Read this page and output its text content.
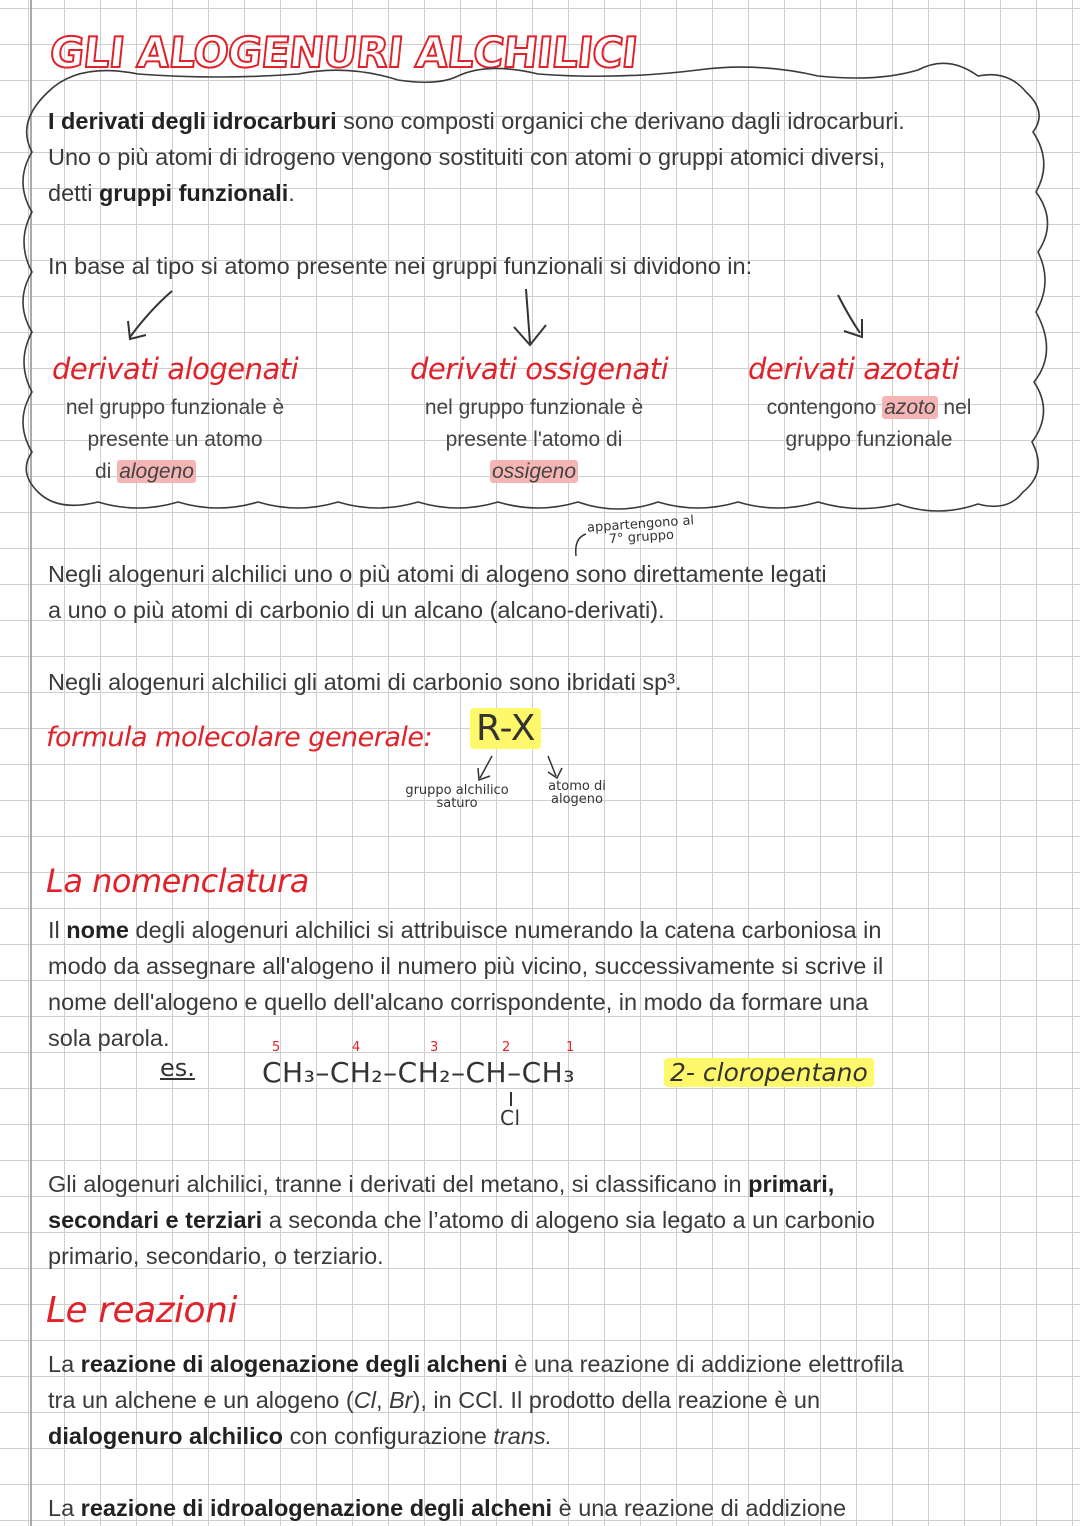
GLI ALOGENURI ALCHILICI
I derivati degli idrocarburi sono composti organici che derivano dagli idrocarburi.
Uno o più atomi di idrogeno vengono sostituiti con atomi o gruppi atomici diversi,
detti gruppi funzionali.
In base al tipo si atomo presente nei gruppi funzionali si dividono in:
derivati alogenati	derivati ossigenati	derivati azotati
nel gruppo funzionale è
presente un atomo
di alogeno
nel gruppo funzionale è
presente l'atomo di
ossigeno
contengono azoto nel
gruppo funzionale
appartengono al 7° gruppo
Negli alogenuri alchilici uno o più atomi di alogeno sono direttamente legati
a uno o più atomi di carbonio di un alcano (alcano-derivati).
Negli alogenuri alchilici gli atomi di carbonio sono ibridati sp³.
formula molecolare generale: R-X
gruppo alchilico
saturo
atomo di
alogeno
La nomenclatura
Il nome degli alogenuri alchilici si attribuisce numerando la catena carboniosa in
modo da assegnare all'alogeno il numero più vicino, successivamente si scrive il
nome dell'alogeno e quello dell'alcano corrispondente, in modo da formare una
sola parola.
es.
5	4	3	2	1
CH₃–CH₂–CH₂–CH–CH₃
Cl
2- cloropentano
Gli alogenuri alchilici, tranne i derivati del metano, si classificano in primari,
secondari e terziari a seconda che l’atomo di alogeno sia legato a un carbonio
primario, secondario, o terziario.
Le reazioni
La reazione di alogenazione degli alcheni è una reazione di addizione elettrofila
tra un alchene e un alogeno (Cl, Br), in CCl. Il prodotto della reazione è un
dialogenuro alchilico con configurazione trans.
La reazione di idroalogenazione degli alcheni è una reazione di addizione
